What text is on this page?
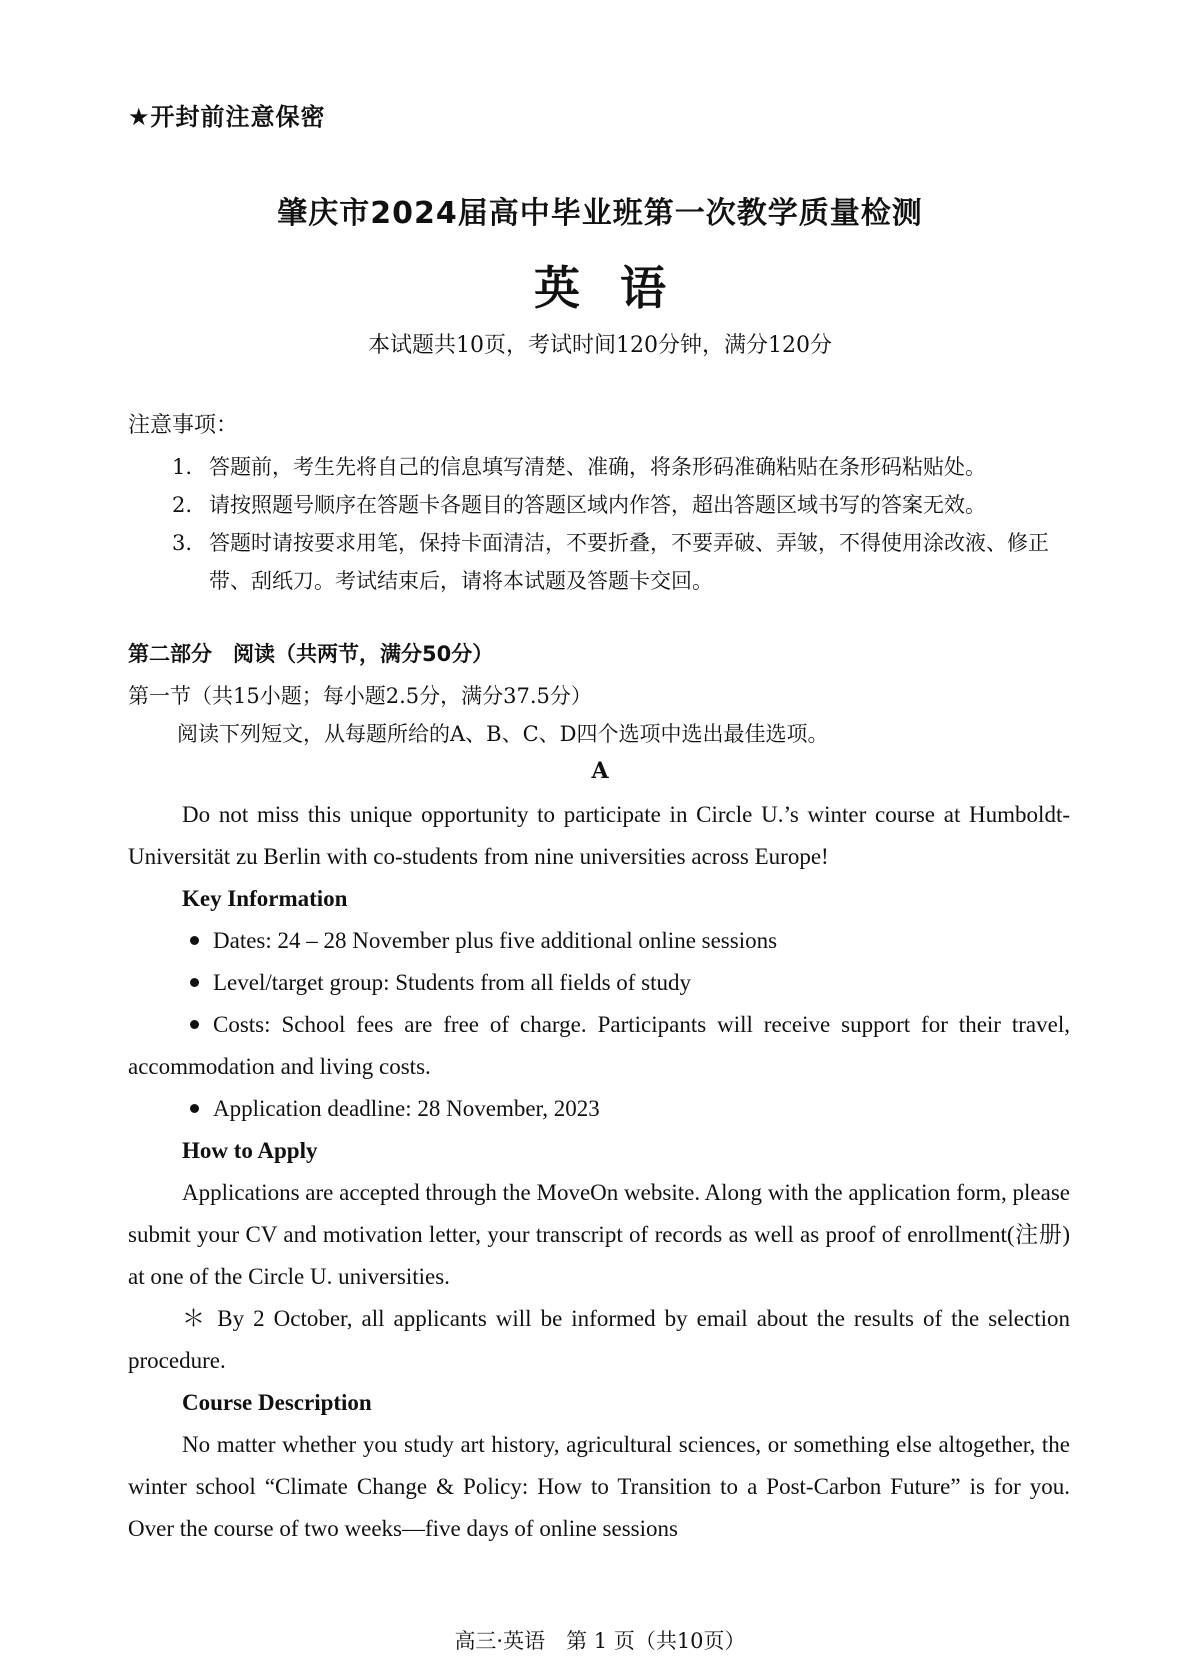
★开封前注意保密
肇庆市2024届高中毕业班第一次教学质量检测
英语
本试题共10页，考试时间120分钟，满分120分
注意事项：

1. 答题前，考生先将自己的信息填写清楚、准确，将条形码准确粘贴在条形码粘贴处。

2. 请按照题号顺序在答题卡各题目的答题区域内作答，超出答题区域书写的答案无效。

3. 答题时请按要求用笔，保持卡面清洁，不要折叠，不要弄破、弄皱，不得使用涂改液、修正带、刮纸刀。考试结束后，请将本试题及答题卡交回。

第二部分　阅读（共两节，满分50分）
第一节（共15小题；每小题2.5分，满分37.5分）
阅读下列短文，从每题所给的A、B、C、D四个选项中选出最佳选项。
A

Do not miss this unique opportunity to participate in Circle U.’s winter course at Humboldt-Universität zu Berlin with co-students from nine universities across Europe!

Key Information

Dates: 24 – 28 November plus five additional online sessions

Level/target group: Students from all fields of study

Costs: School fees are free of charge. Participants will receive support for their travel, accommodation and living costs.

Application deadline: 28 November, 2023

How to Apply

Applications are accepted through the MoveOn website. Along with the application form, please submit your CV and motivation letter, your transcript of records as well as proof of enrollment(注册) at one of the Circle U. universities.

＊ By 2 October, all applicants will be informed by email about the results of the selection procedure.

Course Description

No matter whether you study art history, agricultural sciences, or something else altogether, the winter school “Climate Change & Policy: How to Transition to a Post-Carbon Future” is for you. Over the course of two weeks—five days of online sessions

高三·英语　第 1 页（共10页）
